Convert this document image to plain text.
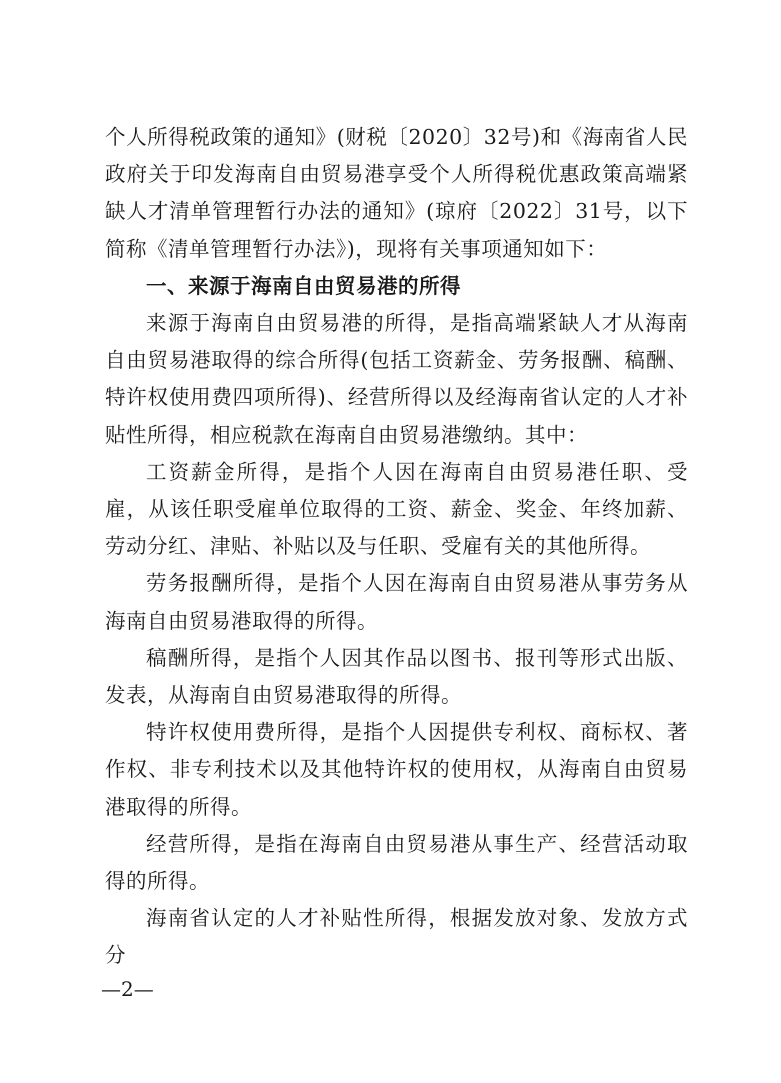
个人所得税政策的通知》(财税〔2020〕32号)和《海南省人民政府关于印发海南自由贸易港享受个人所得税优惠政策高端紧缺人才清单管理暂行办法的通知》(琼府〔2022〕31号，以下简称《清单管理暂行办法》)，现将有关事项通知如下：

一、来源于海南自由贸易港的所得

来源于海南自由贸易港的所得，是指高端紧缺人才从海南自由贸易港取得的综合所得(包括工资薪金、劳务报酬、稿酬、特许权使用费四项所得)、经营所得以及经海南省认定的人才补贴性所得，相应税款在海南自由贸易港缴纳。其中：

工资薪金所得，是指个人因在海南自由贸易港任职、受雇，从该任职受雇单位取得的工资、薪金、奖金、年终加薪、劳动分红、津贴、补贴以及与任职、受雇有关的其他所得。

劳务报酬所得，是指个人因在海南自由贸易港从事劳务从海南自由贸易港取得的所得。

稿酬所得，是指个人因其作品以图书、报刊等形式出版、发表，从海南自由贸易港取得的所得。

特许权使用费所得，是指个人因提供专利权、商标权、著作权、非专利技术以及其他特许权的使用权，从海南自由贸易港取得的所得。

经营所得，是指在海南自由贸易港从事生产、经营活动取得的所得。

海南省认定的人才补贴性所得，根据发放对象、发放方式分

—2—
